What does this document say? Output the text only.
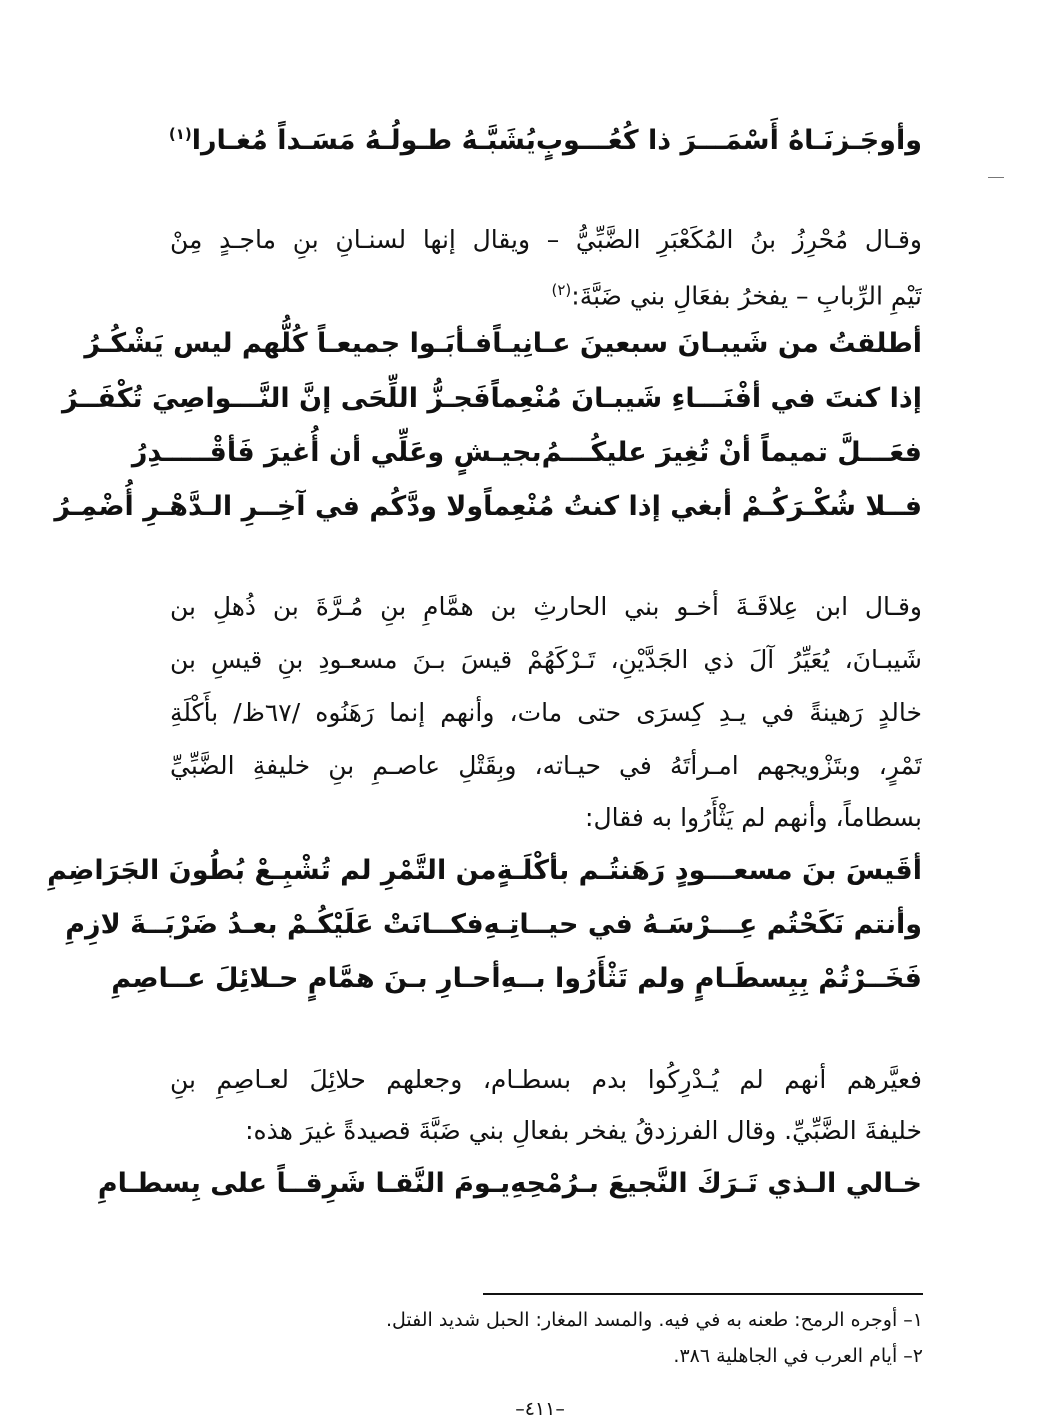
وأوجَـزنَـاهُ أَسْمَـــرَ ذا كُعُـــوبٍ
يُشَبَّـهُ طـولُـهُ مَسَـداً مُغـارا$^{(١)}$
وقـال مُحْرِزُ بنُ المُكَعْبَرِ الضَّبِّيُّ – ويقال إنها لسنـانِ بنِ ماجـدٍ مِنْ
تَيْمِ الرِّبابِ – يفخرُ بفعَالِ بني ضَبَّةَ:$^{(٢)}$
أطلقتُ من شَيبـانَ سبعينَ عـانِيـاً
فـأبَـوا جميعـاً كُلُّهم ليس يَشْكُـرُ
إذا كنتَ في أفْنَـــاءِ شَيبـانَ مُنْعِماً
فَجـزُّ اللِّحَى إنَّ النَّـــواصِيَ تُكْفَــرُ
فعَـــلَّ تميماً أنْ تُغِيرَ عليكُـــمُ
بجيـشٍ وعَلِّي أن أُغيرَ فَأقْـــــدِرُ
فــلا شُكْـرَكُـمْ أبغي إذا كنتُ مُنْعِماً
ولا ودَّكُم في آخِــرِ الـدَّهْـرِ أُضْمِـرُ
وقـال ابن عِلاقَـةَ أخـو بني الحارثِ بن همَّامِ بنِ مُـرَّةَ بن ذُهلِ بن
شَيبـانَ، يُعَيِّرُ آلَ ذي الجَدَّيْنِ، تَـرْكَهُمْ قيسَ بـنَ مسعـودِ بنِ قيسِ بن
خالدٍ رَهينةً في يـدِ كِسرَى حتى مات، وأنهم إنما رَهَنُوه /٦٧ظ/ بأَكْلَةِ
تَمْرٍ، وبتَزْويجهم امـرأتَهُ في حيـاته، وبِقَتْلِ عاصـمِ بنِ خليفةِ الضَّبِّيِّ
بسطاماً، وأنهم لم يَثْأَرُوا به فقال:
أقَيسَ بنَ مسعـــودٍ رَهَنتُـم بأكْلَـةٍ
من التَّمْرِ لم تُشْبِـعْ بُطُونَ الجَرَاضِمِ
وأنتم نَكَحْتُم عِـــرْسَـهُ في حيــاتِـهِ
فكــانَتْ عَلَيْكُـمْ بعـدُ ضَرْبَــةَ لازِمِ
فَخَــرْتُمْ بِبِسطَـامٍ ولم تَثْأَرُوا بــهِ
أحـارِ بـنَ همَّامٍ حـلائِلَ عــاصِمِ
فعيَّرهم أنهم لم يُـدْرِكُوا بدم بسطـام، وجعلهم حلائِلَ لعـاصِمِ بنِ
خليفةَ الضَّبِّيِّ. وقال الفرزدقُ يفخر بفعالِ بني ضَبَّةَ قصيدةً غيرَ هذه:
خـالي الـذي تَـرَكَ النَّجيعَ بـرُمْحِهِ
يـومَ النَّقـا شَرِقــاً على بِسطـامِ
١– أوجره الرمح: طعنه به في فيه. والمسد المغار: الحبل شديد الفتل.
٢– أيام العرب في الجاهلية ٣٨٦.
–٤١١–
